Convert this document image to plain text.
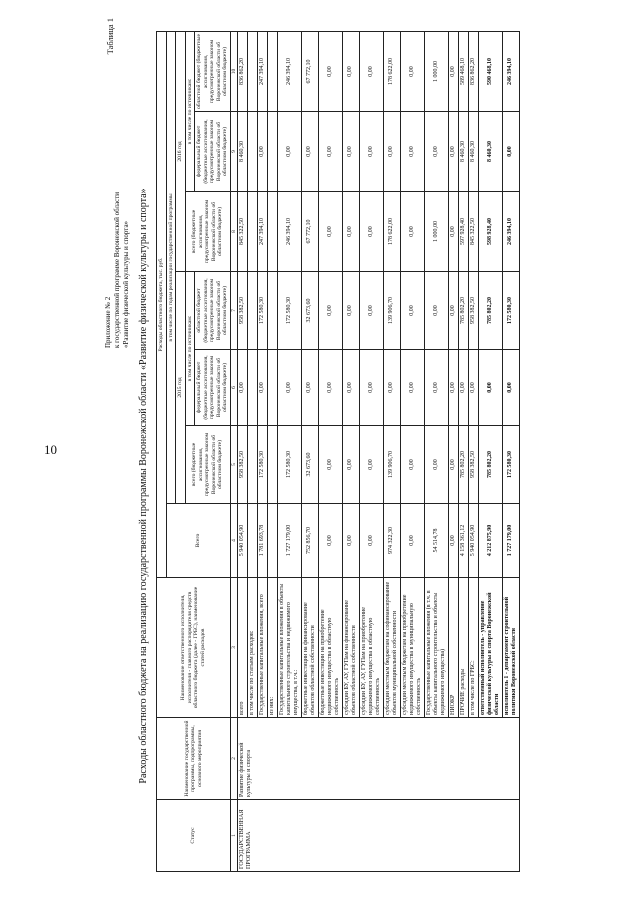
10
Приложение № 2 к государственной программе Воронежской области «Развитие физической культуры и спорта»
Таблица 1
Расходы областного бюджета на реализацию государственной программы Воронежской области «Развитие физической культуры и спорта»
Статус	Наименование государственной программы, подпрограммы, основного мероприятия	Наименование ответственного исполнителя, исполнителя - главного распорядителя средств областного бюджета (далее - ГРБС), наименование статей расходов	Расходы областного бюджета, тыс. руб.						
			Всего	в том числе по годам реализации государственной программы					
				2015 год			2016 год		
				всего (бюджетные ассигнования, предусмотренные законом Воронежской области об областном бюджете)	в том числе по источникам:		всего (бюджетные ассигнования, предусмотренные законом Воронежской области об областном бюджете)	в том числе по источникам:	
					федеральный бюджет (бюджетные ассигнования, предусмотренные законом Воронежской области об областном бюджете)	областной бюджет (бюджетные ассигнования, предусмотренные законом Воронежской области об областном бюджете)		федеральный бюджет (бюджетные ассигнования, предусмотренные законом Воронежской области об областном бюджете)	областной бюджет (бюджетные ассигнования, предусмотренные законом Воронежской области об областном бюджете)
1	2	3	4	5	6	7	8	9	10
ГОСУДАРСТВЕННАЯ ПРОГРАММА	Развитие физической культуры и спорта	всего	5 940 054,90	958 382,50	0,00	958 382,50	845 322,50	8 460,30	836 862,20
		в том числе по статьям расходов:							
		Государственные капитальные вложения, всего	1 781 693,78	172 580,30	0,00	172 580,30	247 394,10	0,00	247 394,10
		из них:							
		Государственные капитальные вложения в объекты капитального строительства и недвижимого имущества, в т.ч.:	1 727 179,00	172 580,30	0,00	172 580,30	246 394,10	0,00	246 394,10
		бюджетные инвестиции на финансирование объектов областной собственности	752 856,70	32 673,60	0,00	32 673,60	67 772,10	0,00	67 772,10
		бюджетные инвестиции на приобретение недвижимого имущества в областную собственность	0,00	0,00	0,00	0,00	0,00	0,00	0,00
		субсидии БУ, АУ, ГУПам на финансирование объектов областной собственности	0,00	0,00	0,00	0,00	0,00	0,00	0,00
		субсидии БУ, АУ, ГУПам на приобретение недвижимого имущества в областную собственность	0,00	0,00	0,00	0,00	0,00	0,00	0,00
		субсидии местным бюджетам на софинансирование объектов муниципальной собственности	974 322,30	139 906,70	0,00	139 906,70	178 622,00	0,00	178 622,00
		субсидии местным бюджетам на приобретение недвижимого имущества в муниципальную собственность	0,00	0,00	0,00	0,00	0,00	0,00	0,00
		Государственные капитальные вложения (в т.ч. в объекты капитального строительства и объекты недвижимого имущества)	54 514,78	0,00	0,00	0,00	1 000,00	0,00	1 000,00
		НИОКР	0,00	0,00	0,00	0,00	0,00	0,00	0,00
		ПРОЧИЕ расходы	4 158 361,12	785 802,20	0,00	785 802,20	597 928,40	8 460,30	589 468,10
		в том числе по ГРБС:	5 940 054,90	958 382,50	0,00	958 382,50	845 322,50	8 460,30	836 862,20
		ответственный исполнитель - управление физической культуры и спорта Воронежской области	4 212 875,90	785 802,20	0,00	785 802,20	598 928,40	8 460,30	590 468,10
		исполнитель 1 - департамент строительной политики Воронежской области	1 727 179,00	172 580,30	0,00	172 580,30	246 394,10	0,00	246 394,10
